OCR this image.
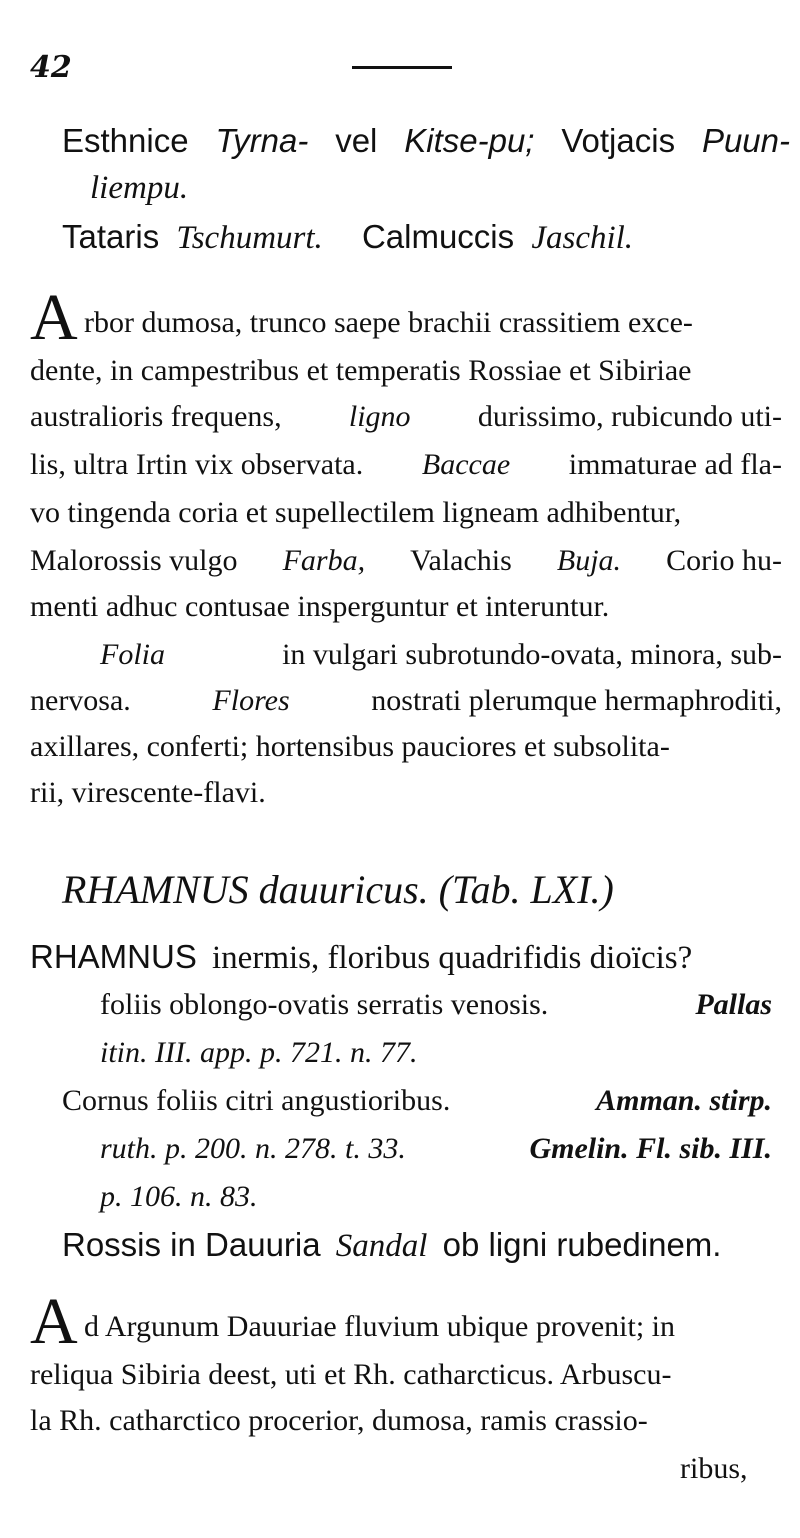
42
Esthnice Tyrna- vel Kitse-pu; Votjacis Puun-
liempu.
Tataris Tschumurt. Calmuccis Jaschil.
A rbor dumosa, trunco saepe brachii crassitiem exce-
dente, in campestribus et temperatis Rossiae et Sibiriae
australioris frequens, ligno durissimo, rubicundo uti-
lis, ultra Irtin vix observata. Baccae immaturae ad fla-
vo tingenda coria et supellectilem ligneam adhibentur,
Malorossis vulgo Farba, Valachis Buja. Corio hu-
menti adhuc contusae insperguntur et interuntur.
Folia	in vulgari subrotundo-ovata, minora, sub-
nervosa.	Flores	nostrati plerumque hermaphroditi,
axillares, conferti; hortensibus pauciores et subsolita-
rii, virescente-flavi.
RHAMNUS dauuricus. (Tab. LXI.)
RHAMNUS inermis, floribus quadrifidis dioïcis?
foliis oblongo-ovatis serratis venosis.	Pallas
itin. III. app. p. 721. n. 77.
Cornus foliis citri angustioribus.	Amman. stirp.
ruth. p. 200. n. 278. t. 33.	Gmelin. Fl. sib. III.
p. 106. n. 83.
Rossis in Dauuria Sandal ob ligni rubedinem.
A d Argunum Dauuriae fluvium ubique provenit; in
reliqua Sibiria deest, uti et Rh. catharcticus. Arbuscu-
la Rh. catharctico procerior, dumosa, ramis crassio-
ribus,
